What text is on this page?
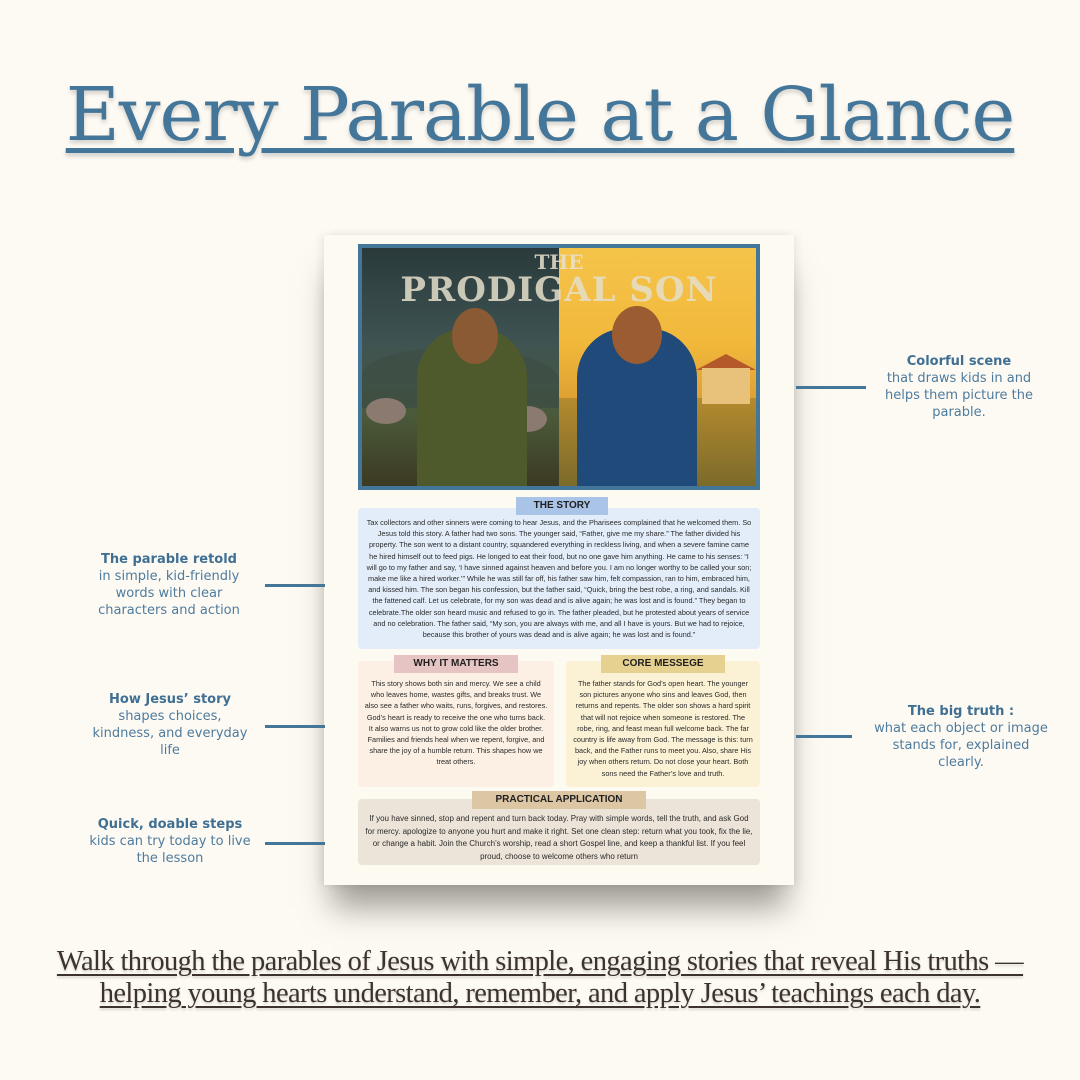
Every Parable at a Glance
THE
PRODIGAL SON
Tax collectors and other sinners were coming to hear Jesus, and the Pharisees complained that he welcomed them. So Jesus told this story. A father had two sons. The younger said, “Father, give me my share.” The father divided his property. The son went to a distant country, squandered everything in reckless living, and when a severe famine came he hired himself out to feed pigs. He longed to eat their food, but no one gave him anything. He came to his senses: “I will go to my father and say, ‘I have sinned against heaven and before you. I am no longer worthy to be called your son; make me like a hired worker.’” While he was still far off, his father saw him, felt compassion, ran to him, embraced him, and kissed him. The son began his confession, but the father said, “Quick, bring the best robe, a ring, and sandals. Kill the fattened calf. Let us celebrate, for my son was dead and is alive again; he was lost and is found.” They began to celebrate.The older son heard music and refused to go in. The father pleaded, but he protested about years of service and no celebration. The father said, “My son, you are always with me, and all I have is yours. But we had to rejoice, because this brother of yours was dead and is alive again; he was lost and is found.”
THE STORY
This story shows both sin and mercy. We see a child who leaves home, wastes gifts, and breaks trust. We also see a father who waits, runs, forgives, and restores. God’s heart is ready to receive the one who turns back. It also warns us not to grow cold like the older brother. Families and friends heal when we repent, forgive, and share the joy of a humble return. This shapes how we treat others.
WHY IT MATTERS
The father stands for God’s open heart. The younger son pictures anyone who sins and leaves God, then returns and repents. The older son shows a hard spirit that will not rejoice when someone is restored. The robe, ring, and feast mean full welcome back. The far country is life away from God. The message is this: turn back, and the Father runs to meet you. Also, share His joy when others return. Do not close your heart. Both sons need the Father’s love and truth.
CORE MESSEGE
If you have sinned, stop and repent and turn back today. Pray with simple words, tell the truth, and ask God for mercy. apologize to anyone you hurt and make it right. Set one clean step: return what you took, fix the lie, or change a habit. Join the Church’s worship, read a short Gospel line, and keep a thankful list. If you feel proud, choose to welcome others who return
PRACTICAL APPLICATION
Colorful scene
that draws kids in and helps them picture the parable.
The big truth :
what each object or image stands for, explained clearly.
The parable retold
in simple, kid-friendly words with clear characters and action
How Jesus’ story
shapes choices, kindness, and everyday life
Quick, doable steps
kids can try today to live the lesson
Walk through the parables of Jesus with simple, engaging stories that reveal His truths — helping young hearts understand, remember, and apply Jesus’ teachings each day.
